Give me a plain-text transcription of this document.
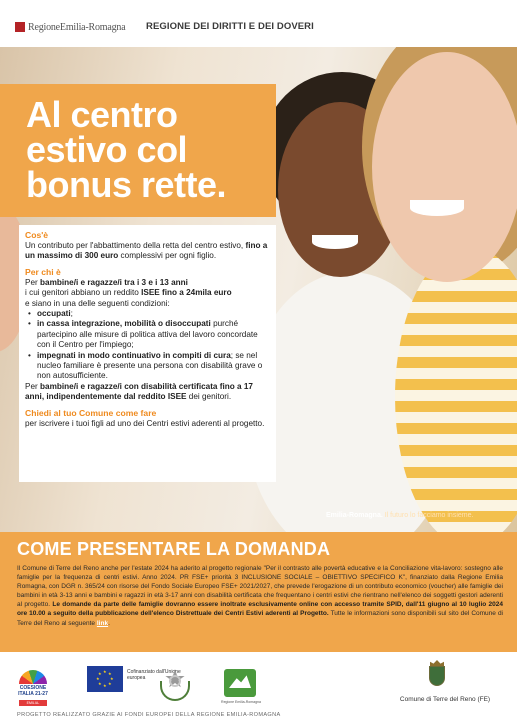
RegioneEmilia-Romagna REGIONE DEI DIRITTI E DEI DOVERI
Al centro
estivo col
bonus rette.
Cos'è

Un contributo per l'abbattimento della retta del centro estivo, fino a un massimo di 300 euro complessivi per ogni figlio.

Per chi è

Per bambine/i e ragazze/i tra i 3 e i 13 anni

i cui genitori abbiano un reddito ISEE fino a 24mila euro

e siano in una delle seguenti condizioni:

• occupati;
• in cassa integrazione, mobilità o disoccupati purché partecipino alle misure di politica attiva del lavoro concordate con il Centro per l'impiego;
• impegnati in modo continuativo in compiti di cura; se nel nucleo familiare è presente una persona con disabilità grave o non autosufficiente.

Per bambine/i e ragazze/i con disabilità certificata fino a 17 anni, indipendentemente dal reddito ISEE dei genitori.

Chiedi al tuo Comune come fare

per iscrivere i tuoi figli ad uno dei Centri estivi aderenti al progetto.

Emilia-Romagna. Il futuro lo facciamo insieme.
COME PRESENTARE LA DOMANDA
Il Comune di Terre del Reno anche per l'estate 2024 ha aderito al progetto regionale "Per il contrasto alle povertà educative e la Conciliazione vita-lavoro: sostegno alle famiglie per la frequenza di centri estivi. Anno 2024. PR FSE+ priorità 3 INCLUSIONE SOCIALE – OBIETTIVO SPECIFICO K", finanziato dalla Regione Emilia Romagna, con DGR n. 365/24 con risorse del Fondo Sociale Europeo FSE+ 2021/2027, che prevede l'erogazione di un contributo economico (voucher) alle famiglie dei bambini in età 3-13 anni e bambini e ragazzi in età 3-17 anni con disabilità certificata che frequentano i centri estivi che rientrano nell'elenco dei soggetti gestori aderenti al progetto. Le domande da parte delle famiglie dovranno essere inoltrate esclusivamente online con accesso tramite SPID, dall'11 giugno al 10 luglio 2024 ore 10.00 a seguito della pubblicazione dell'elenco Distrettuale dei Centri Estivi aderenti al Progetto. Tutte le informazioni sono disponibili sul sito del Comune di Terre del Reno al seguente link.
COESIONE ITALIA 21-27
EMILIA-ROMAGNA
★ ★
★
★
★
★
★
★	Cofinanziato dall'Unione europea
Regione Emilia-Romagna	Comune di Terre del Reno (FE)
PROGETTO REALIZZATO GRAZIE AI FONDI EUROPEI DELLA REGIONE EMILIA-ROMAGNA
